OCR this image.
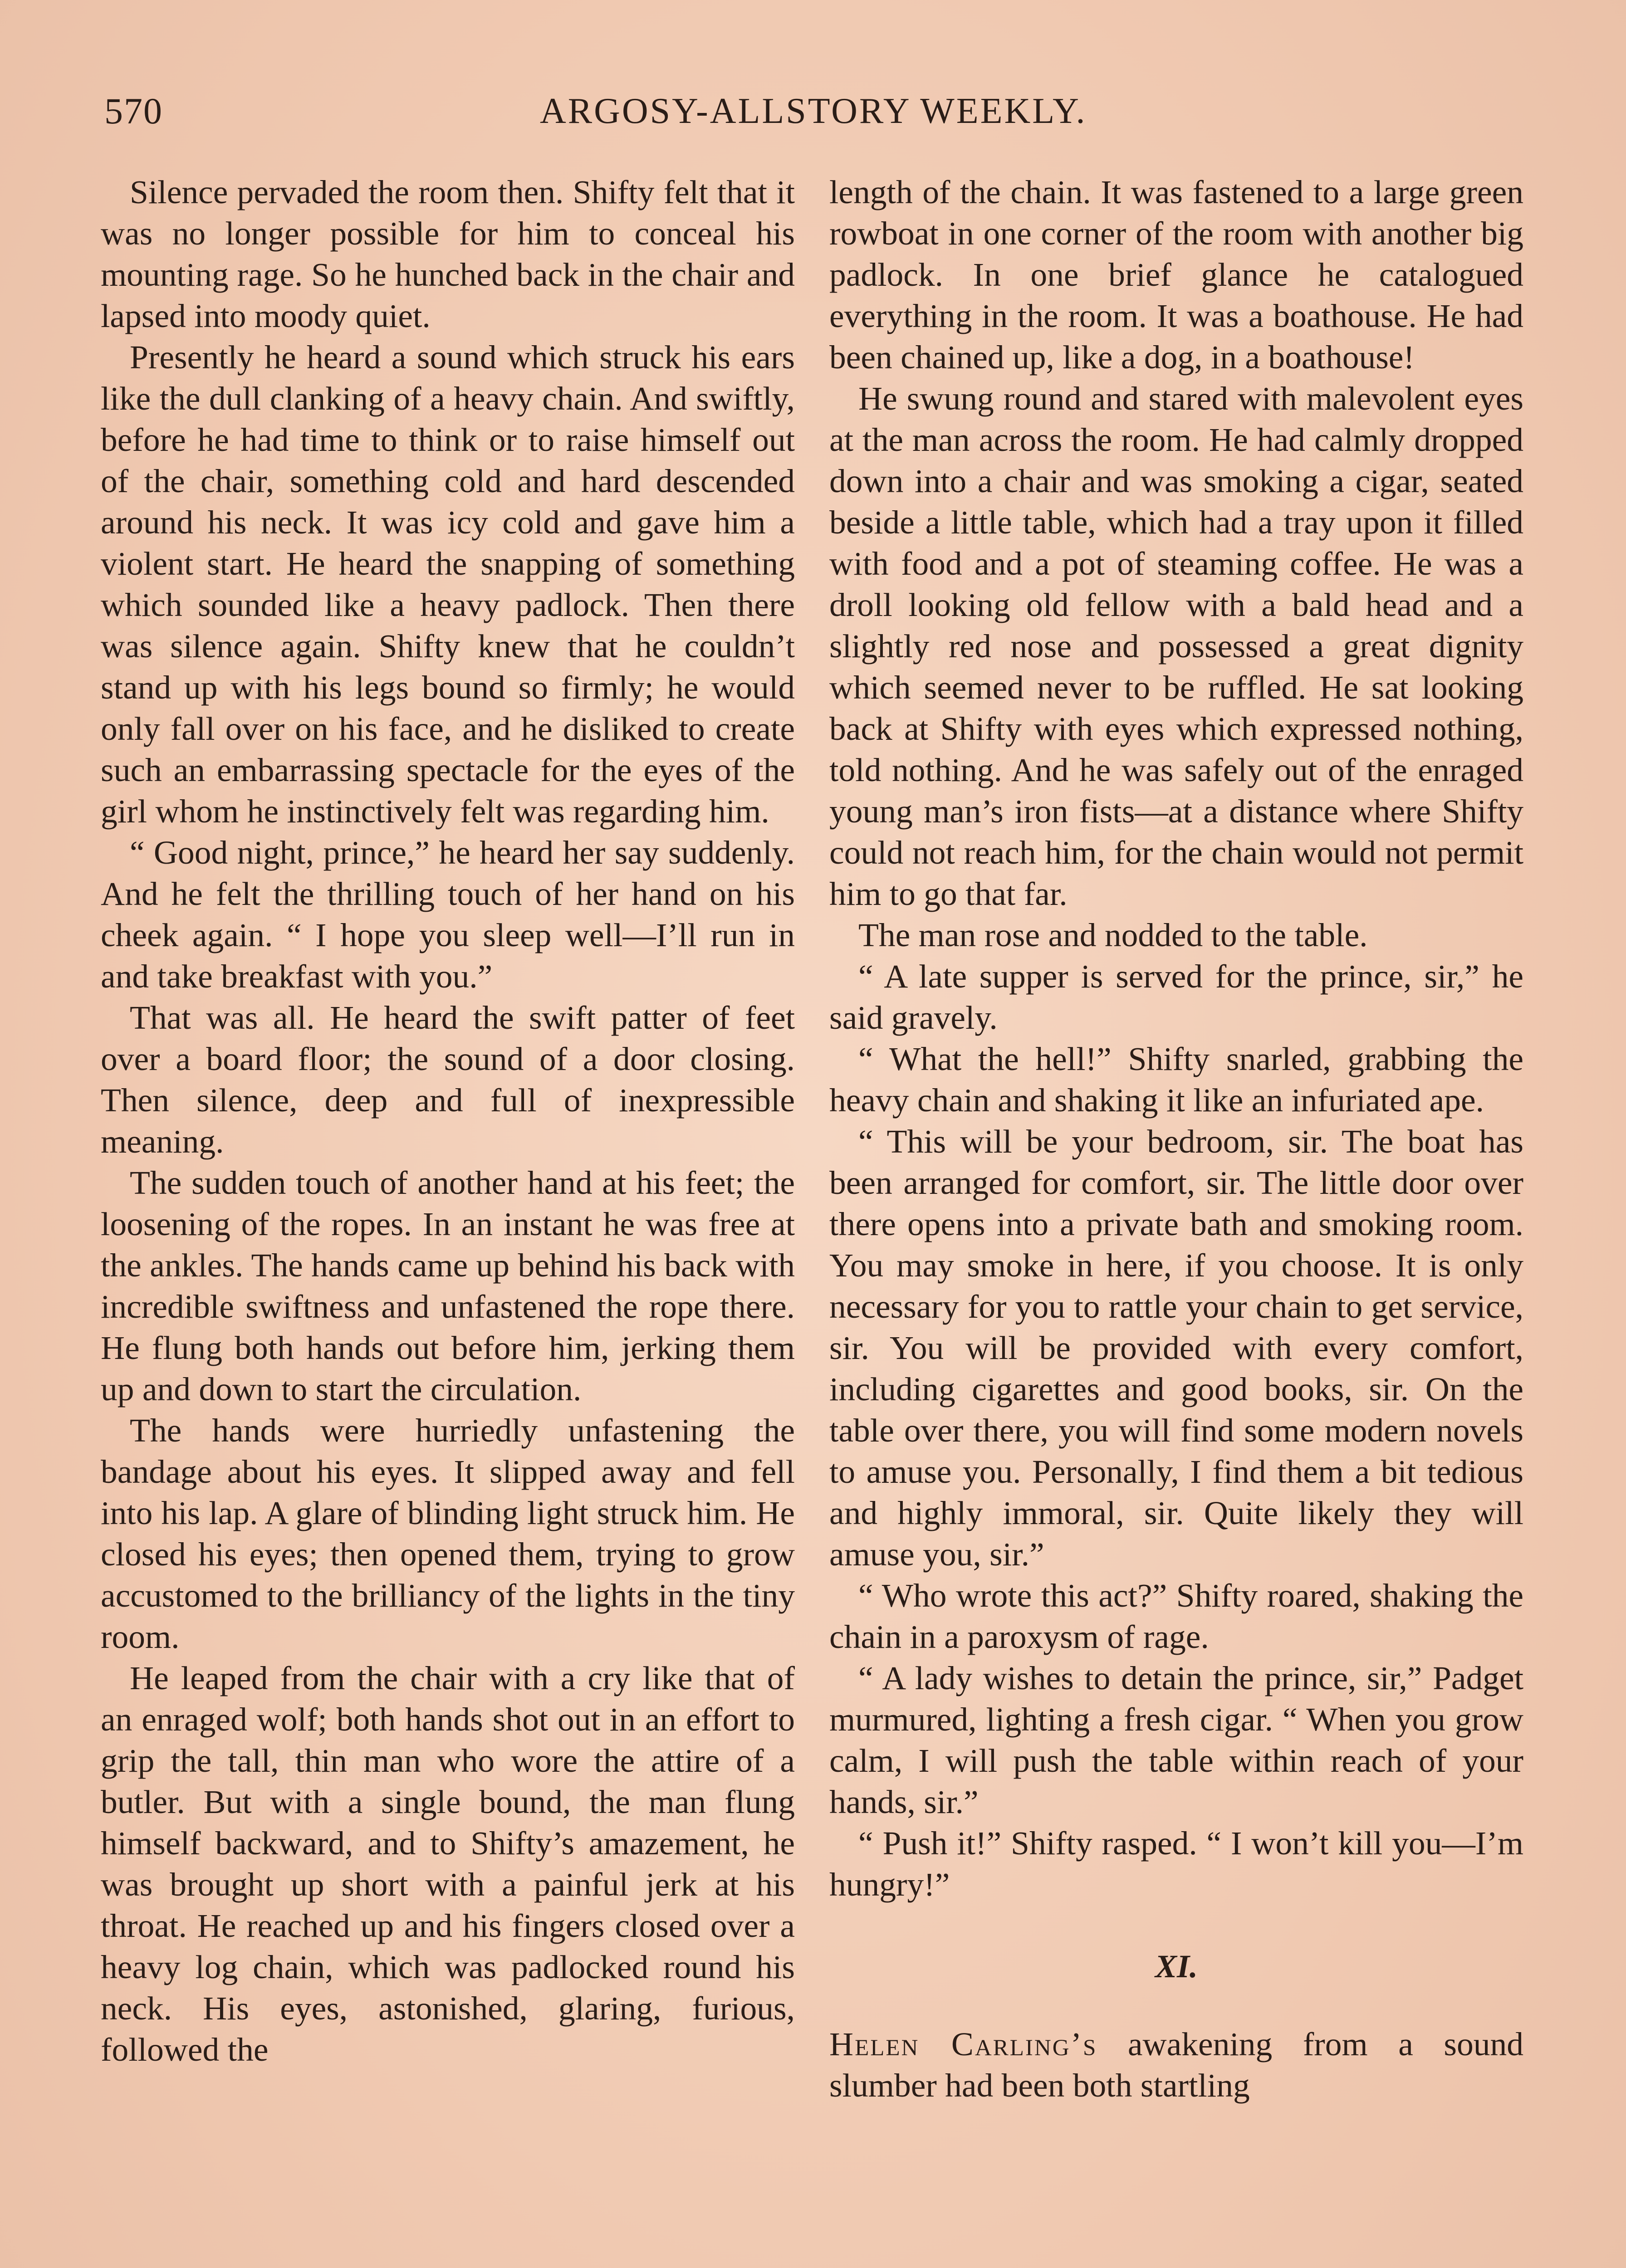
570	ARGOSY-ALLSTORY WEEKLY.

Silence pervaded the room then. Shifty felt that it was no longer possible for him to conceal his mounting rage. So he hunched back in the chair and lapsed into moody quiet.

Presently he heard a sound which struck his ears like the dull clanking of a heavy chain. And swiftly, before he had time to think or to raise himself out of the chair, something cold and hard descended around his neck. It was icy cold and gave him a violent start. He heard the snapping of something which sounded like a heavy padlock. Then there was silence again. Shifty knew that he couldn’t stand up with his legs bound so firmly; he would only fall over on his face, and he disliked to create such an embarrassing spectacle for the eyes of the girl whom he instinctively felt was regarding him.

“ Good night, prince,” he heard her say suddenly. And he felt the thrilling touch of her hand on his cheek again. “ I hope you sleep well—I’ll run in and take breakfast with you.”

That was all. He heard the swift patter of feet over a board floor; the sound of a door closing. Then silence, deep and full of inexpressible meaning.

The sudden touch of another hand at his feet; the loosening of the ropes. In an instant he was free at the ankles. The hands came up behind his back with incredible swiftness and unfastened the rope there. He flung both hands out before him, jerking them up and down to start the circulation.

The hands were hurriedly unfastening the bandage about his eyes. It slipped away and fell into his lap. A glare of blinding light struck him. He closed his eyes; then opened them, trying to grow accustomed to the brilliancy of the lights in the tiny room.

He leaped from the chair with a cry like that of an enraged wolf; both hands shot out in an effort to grip the tall, thin man who wore the attire of a butler. But with a single bound, the man flung himself backward, and to Shifty’s amazement, he was brought up short with a painful jerk at his throat. He reached up and his fingers closed over a heavy log chain, which was padlocked round his neck. His eyes, astonished, glaring, furious, followed the

length of the chain. It was fastened to a large green rowboat in one corner of the room with another big padlock. In one brief glance he catalogued everything in the room. It was a boathouse. He had been chained up, like a dog, in a boathouse!

He swung round and stared with malevolent eyes at the man across the room. He had calmly dropped down into a chair and was smoking a cigar, seated beside a little table, which had a tray upon it filled with food and a pot of steaming coffee. He was a droll looking old fellow with a bald head and a slightly red nose and possessed a great dignity which seemed never to be ruffled. He sat looking back at Shifty with eyes which expressed nothing, told nothing. And he was safely out of the enraged young man’s iron fists—at a distance where Shifty could not reach him, for the chain would not permit him to go that far.

The man rose and nodded to the table.

“ A late supper is served for the prince, sir,” he said gravely.

“ What the hell!” Shifty snarled, grabbing the heavy chain and shaking it like an infuriated ape.

“ This will be your bedroom, sir. The boat has been arranged for comfort, sir. The little door over there opens into a private bath and smoking room. You may smoke in here, if you choose. It is only necessary for you to rattle your chain to get service, sir. You will be provided with every comfort, including cigarettes and good books, sir. On the table over there, you will find some modern novels to amuse you. Personally, I find them a bit tedious and highly immoral, sir. Quite likely they will amuse you, sir.”

“ Who wrote this act?” Shifty roared, shaking the chain in a paroxysm of rage.

“ A lady wishes to detain the prince, sir,” Padget murmured, lighting a fresh cigar. “ When you grow calm, I will push the table within reach of your hands, sir.”

“ Push it!” Shifty rasped. “ I won’t kill you—I’m hungry!”

XI.

Helen Carling’s awakening from a sound slumber had been both startling
